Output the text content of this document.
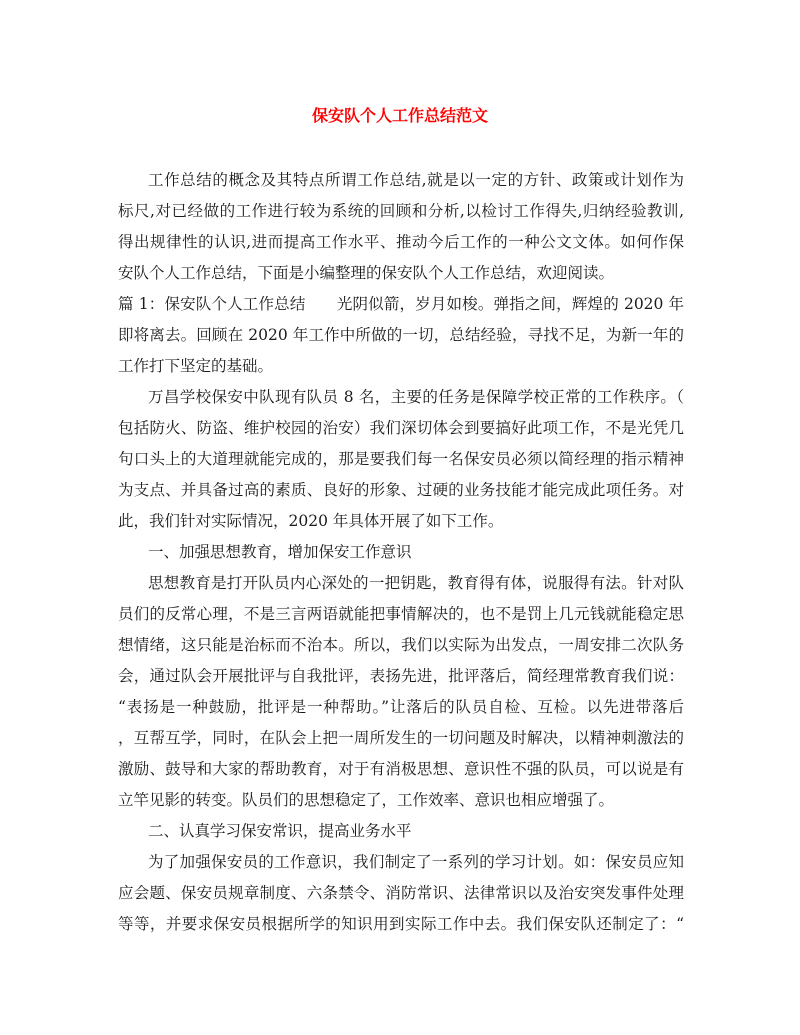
保安队个人工作总结范文
工作总结的概念及其特点所谓工作总结,就是以一定的方针、政策或计划作为
标尺,对已经做的工作进行较为系统的回顾和分析,以检讨工作得失,归纳经验教训,
得出规律性的认识,进而提高工作水平、推动今后工作的一种公文文体。如何作保
安队个人工作总结，下面是小编整理的保安队个人工作总结，欢迎阅读。
篇 1：保安队个人工作总结　　光阴似箭，岁月如梭。弹指之间，辉煌的 2020 年
即将离去。回顾在 2020 年工作中所做的一切，总结经验，寻找不足，为新一年的
工作打下坚定的基础。
万昌学校保安中队现有队员 8 名，主要的任务是保障学校正常的工作秩序。（
包括防火、防盗、维护校园的治安）我们深切体会到要搞好此项工作，不是光凭几
句口头上的大道理就能完成的，那是要我们每一名保安员必须以简经理的指示精神
为支点、并具备过高的素质、良好的形象、过硬的业务技能才能完成此项任务。对
此，我们针对实际情况，2020 年具体开展了如下工作。
一、加强思想教育，增加保安工作意识
思想教育是打开队员内心深处的一把钥匙，教育得有体，说服得有法。针对队
员们的反常心理，不是三言两语就能把事情解决的，也不是罚上几元钱就能稳定思
想情绪，这只能是治标而不治本。所以，我们以实际为出发点，一周安排二次队务
会，通过队会开展批评与自我批评，表扬先进，批评落后，简经理常教育我们说：
“表扬是一种鼓励，批评是一种帮助。”让落后的队员自检、互检。以先进带落后
，互帮互学，同时，在队会上把一周所发生的一切问题及时解决，以精神刺激法的
激励、鼓导和大家的帮助教育，对于有消极思想、意识性不强的队员，可以说是有
立竿见影的转变。队员们的思想稳定了，工作效率、意识也相应增强了。
二、认真学习保安常识，提高业务水平
为了加强保安员的工作意识，我们制定了一系列的学习计划。如：保安员应知
应会题、保安员规章制度、六条禁令、消防常识、法律常识以及治安突发事件处理
等等，并要求保安员根据所学的知识用到实际工作中去。我们保安队还制定了：“
